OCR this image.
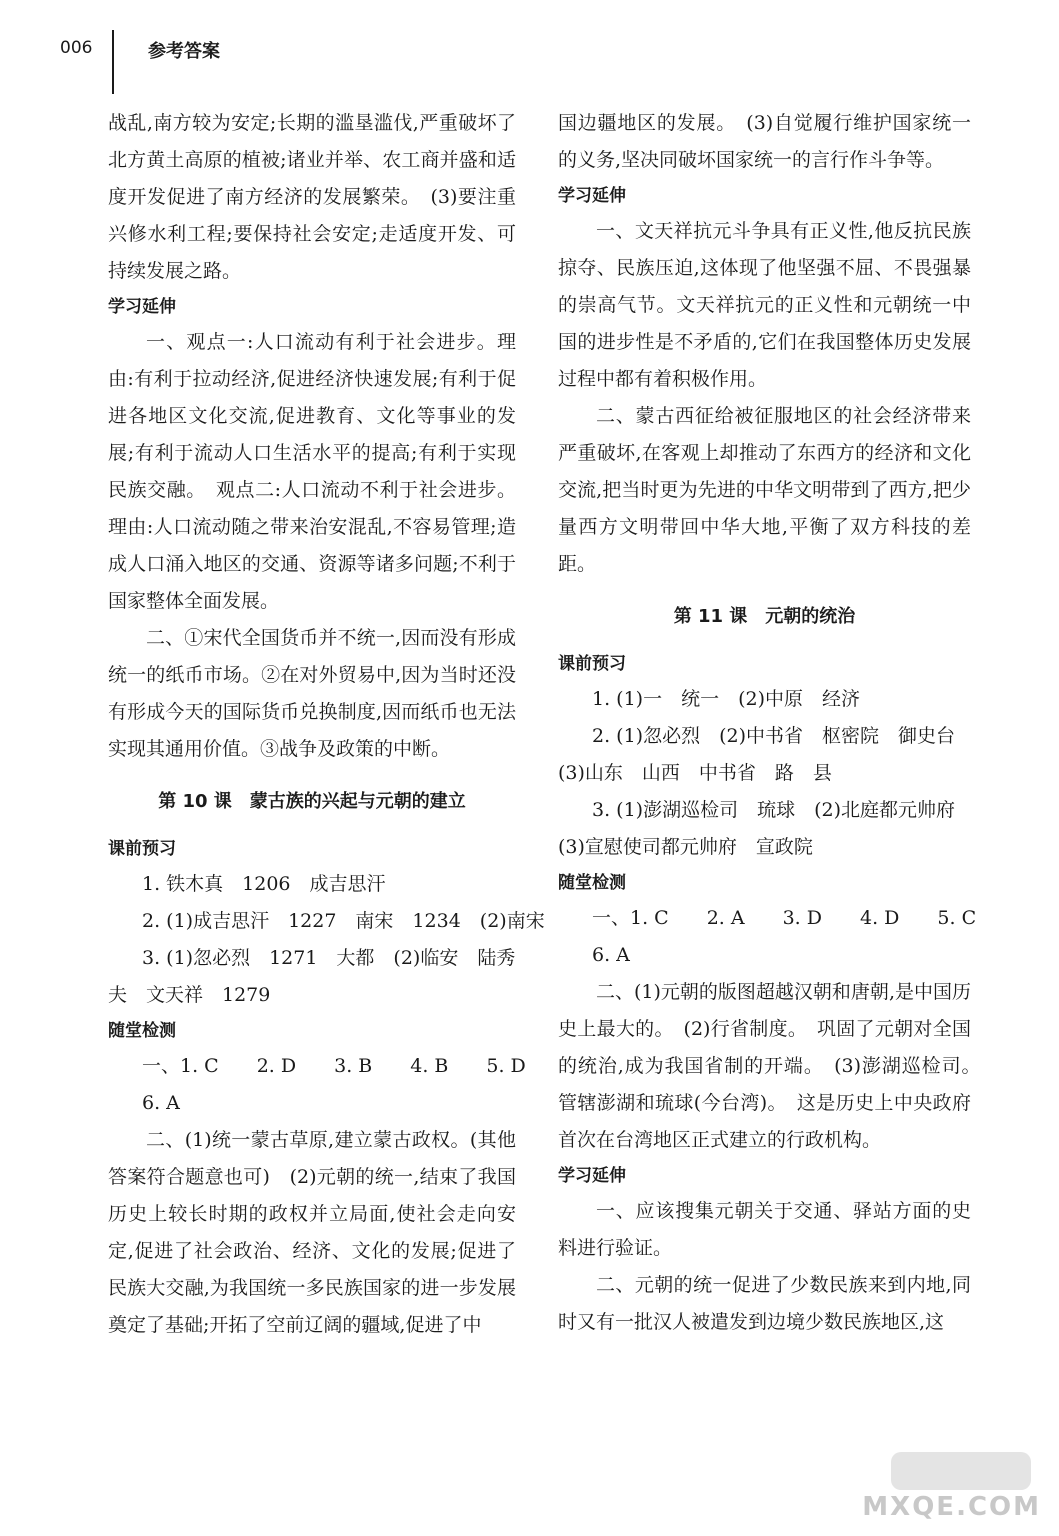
006	参考答案

战乱,南方较为安定;长期的滥垦滥伐,严重破坏了北方黄土高原的植被;诸业并举、农工商并盛和适度开发促进了南方经济的发展繁荣。　(3)要注重兴修水利工程;要保持社会安定;走适度开发、可持续发展之路。

学习延伸

一、观点一:人口流动有利于社会进步。理由:有利于拉动经济,促进经济快速发展;有利于促进各地区文化交流,促进教育、文化等事业的发展;有利于流动人口生活水平的提高;有利于实现民族交融。　观点二:人口流动不利于社会进步。理由:人口流动随之带来治安混乱,不容易管理;造成人口涌入地区的交通、资源等诸多问题;不利于国家整体全面发展。

二、①宋代全国货币并不统一,因而没有形成统一的纸币市场。②在对外贸易中,因为当时还没有形成今天的国际货币兑换制度,因而纸币也无法实现其通用价值。③战争及政策的中断。

第 10 课　蒙古族的兴起与元朝的建立

课前预习

1. 铁木真　1206　成吉思汗

2. (1)成吉思汗　1227　南宋　1234　(2)南宋

3. (1)忽必烈　1271　大都　(2)临安　陆秀夫　文天祥　1279

随堂检测

一、1. C　　2. D　　3. B　　4. B　　5. D

6. A

二、(1)统一蒙古草原,建立蒙古政权。(其他答案符合题意也可)　(2)元朝的统一,结束了我国历史上较长时期的政权并立局面,使社会走向安定,促进了社会政治、经济、文化的发展;促进了民族大交融,为我国统一多民族国家的进一步发展奠定了基础;开拓了空前辽阔的疆域,促进了中

国边疆地区的发展。　(3)自觉履行维护国家统一的义务,坚决同破坏国家统一的言行作斗争等。

学习延伸

一、文天祥抗元斗争具有正义性,他反抗民族掠夺、民族压迫,这体现了他坚强不屈、不畏强暴的崇高气节。文天祥抗元的正义性和元朝统一中国的进步性是不矛盾的,它们在我国整体历史发展过程中都有着积极作用。

二、蒙古西征给被征服地区的社会经济带来严重破坏,在客观上却推动了东西方的经济和文化交流,把当时更为先进的中华文明带到了西方,把少量西方文明带回中华大地,平衡了双方科技的差距。

第 11 课　元朝的统治

课前预习

1. (1)一　统一　(2)中原　经济

2. (1)忽必烈　(2)中书省　枢密院　御史台　(3)山东　山西　中书省　路　县

3. (1)澎湖巡检司　琉球　(2)北庭都元帅府　(3)宣慰使司都元帅府　宣政院

随堂检测

一、1. C　　2. A　　3. D　　4. D　　5. C

6. A

二、(1)元朝的版图超越汉朝和唐朝,是中国历史上最大的。　(2)行省制度。　巩固了元朝对全国的统治,成为我国省制的开端。　(3)澎湖巡检司。　管辖澎湖和琉球(今台湾)。　这是历史上中央政府首次在台湾地区正式建立的行政机构。

学习延伸

一、应该搜集元朝关于交通、驿站方面的史料进行验证。

二、元朝的统一促进了少数民族来到内地,同时又有一批汉人被遣发到边境少数民族地区,这

MXQE.COM
